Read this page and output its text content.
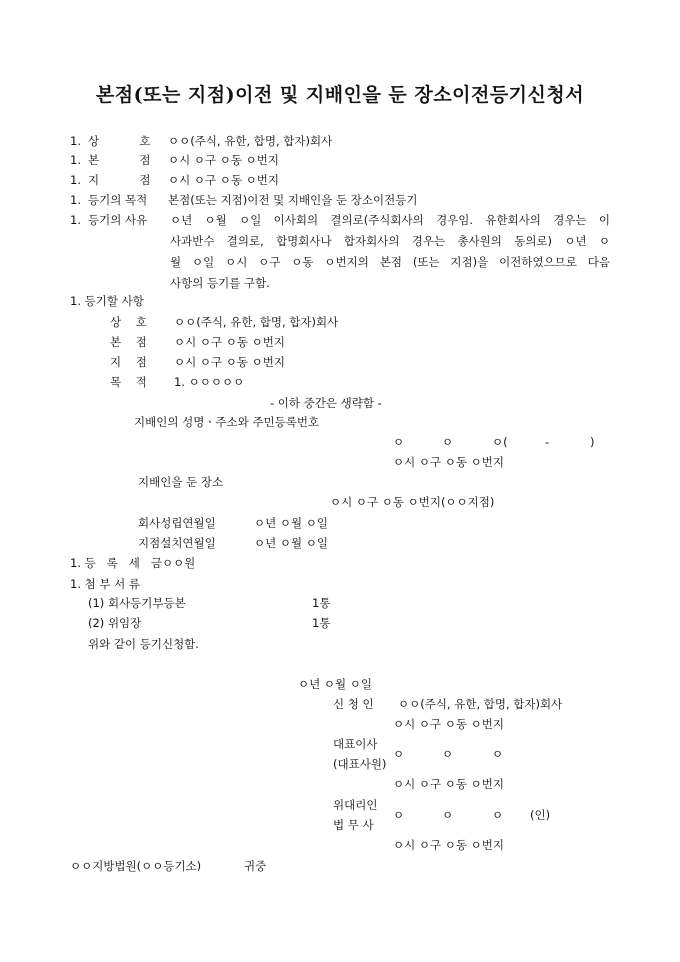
본점(또는 지점)이전 및 지배인을 둔 장소이전등기신청서
1. 상           호 ㅇㅇ(주식, 유한, 합명, 합자)회사
1. 본           점 ㅇ시 ㅇ구 ㅇ동 ㅇ번지
1. 지           점 ㅇ시 ㅇ구 ㅇ동 ㅇ번지
1. 등기의 목적 본점(또는 지점)이전 및 지배인을 둔 장소이전등기
1. 등기의 사유 ㅇ년 ㅇ월 ㅇ일 이사회의 결의로(주식회사의 경우임. 유한회사의 경우는 이
사과반수 결의로, 합명회사나 합자회사의 경우는 총사원의 동의로) ㅇ년 ㅇ
월 ㅇ일 ㅇ시 ㅇ구 ㅇ동 ㅇ번지의 본점 (또는 지점)을 이전하였으므로 다음
사항의 등기를 구함.
1. 등기할 사항
상    호 ㅇㅇ(주식, 유한, 합명, 합자)회사
본    점 ㅇ시 ㅇ구 ㅇ동 ㅇ번지
지    점 ㅇ시 ㅇ구 ㅇ동 ㅇ번지
목    적 1. ㅇㅇㅇㅇㅇ
- 이하 중간은 생략함 -
지배인의 성명ㆍ주소와 주민등록번호
ㅇ	ㅇ	ㅇ(	-	)
ㅇ시 ㅇ구 ㅇ동 ㅇ번지
지배인을 둔 장소
ㅇ시 ㅇ구 ㅇ동 ㅇ번지(ㅇㅇ지점)
회사성립연월일	ㅇ년 ㅇ월 ㅇ일
지점설치연월일	ㅇ년 ㅇ월 ㅇ일
1. 등   록   세   금ㅇㅇ원
1. 첨 부 서 류
(1) 회사등기부등본	1통
(2) 위임장	1통
위와 같이 등기신청함.
ㅇ년 ㅇ월 ㅇ일
신 청 인 ㅇㅇ(주식, 유한, 합명, 합자)회사
ㅇ시 ㅇ구 ㅇ동 ㅇ번지
대표이사
(대표사원)
ㅇ	ㅇ	ㅇ
ㅇ시 ㅇ구 ㅇ동 ㅇ번지
위대리인
법 무 사
ㅇ	ㅇ	ㅇ (인)
ㅇ시 ㅇ구 ㅇ동 ㅇ번지
ㅇㅇ지방법원(ㅇㅇ등기소)	귀중
